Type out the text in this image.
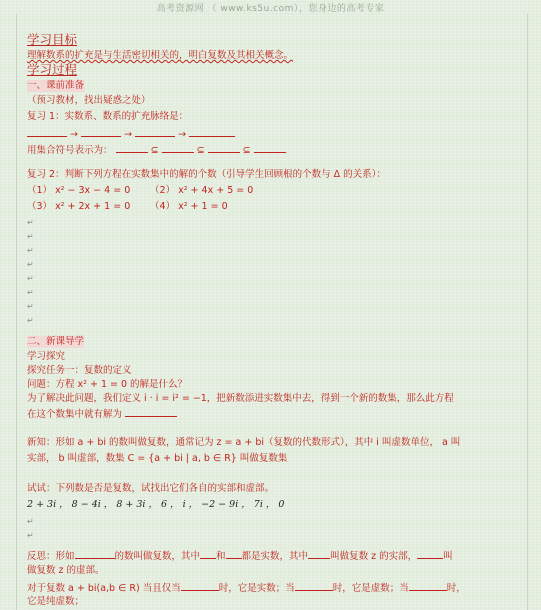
高考资源网 （ www.ks5u.com），您身边的高考专家
学习目标
理解数系的扩充是与生活密切相关的，明白复数及其相关概念。
学习过程
一、课前准备
（预习教材，找出疑惑之处）
复习 1：实数系、数系的扩充脉络是：
→	→	→
用集合符号表示为：	⊆	⊆	⊆
复习 2：判断下列方程在实数集中的解的个数（引导学生回顾根的个数与 Δ 的关系）：
（1） x² − 3x − 4 = 0 （2） x² + 4x + 5 = 0
（3） x² + 2x + 1 = 0 （4） x² + 1 = 0
↵
↵
↵
↵
↵
↵
↵
↵
二、新课导学
学习探究
探究任务一：复数的定义
问题：方程 x² + 1 = 0 的解是什么？
为了解决此问题，我们定义 i · i = i² = −1，把新数添进实数集中去，得到一个新的数集，那么此方程
在这个数集中就有解为
新知：形如 a + bi 的数叫做复数，通常记为 z = a + bi（复数的代数形式），其中 i 叫虚数单位， a 叫
实部， b 叫虚部，数集 C = {a + bi | a, b ∈ R} 叫做复数集
试试：下列数是否是复数，试找出它们各自的实部和虚部。
2 + 3i ， 8 − 4i ， 8 + 3i ， 6 ， i ， −2 − 9i ， 7i ， 0
↵
↵
反思：形如	的数叫做复数，其中 和 都是实数，其中 叫做复数 z 的实部，	叫
做复数 z 的虚部。
对于复数 a + bi(a,b ∈ R) 当且仅当	时，它是实数；当	时，它是虚数；当	时，
它是纯虚数；
